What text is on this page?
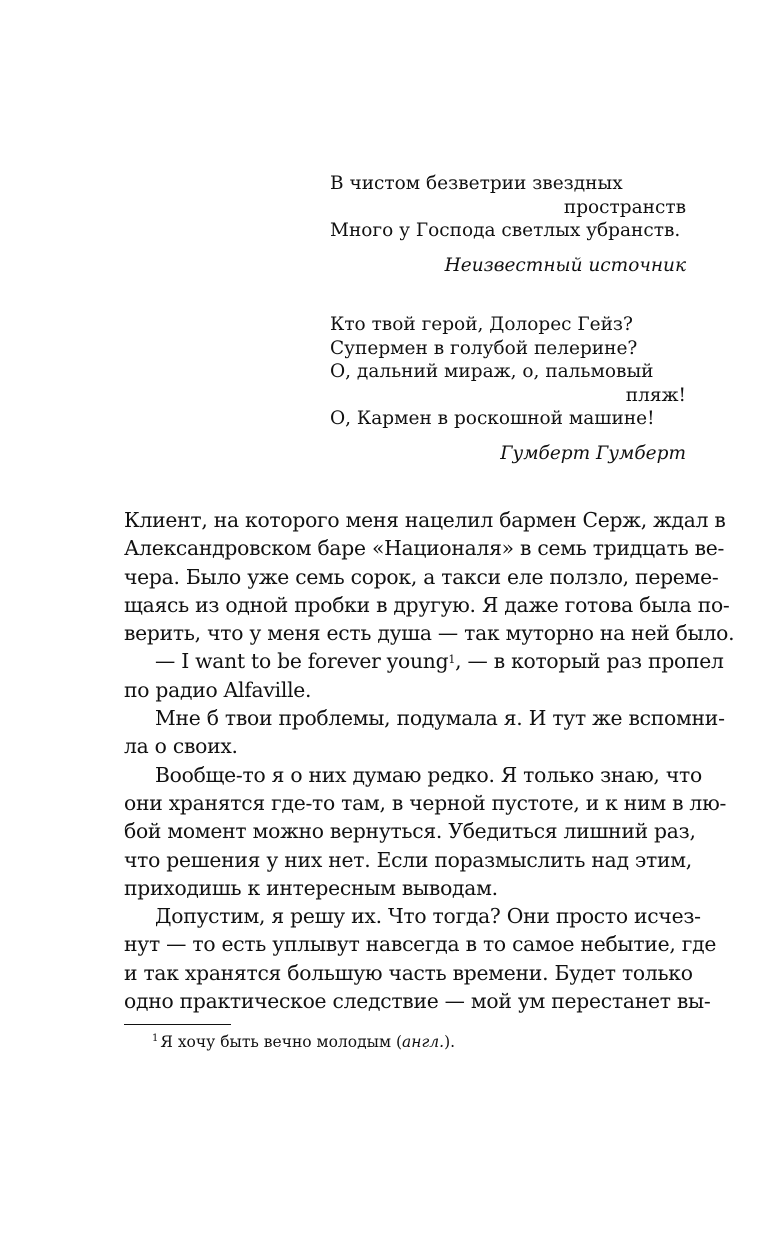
В чистом безветрии звездных
пространств
Много у Господа светлых убранств.
Неизвестный источник
Кто твой герой, Долорес Гейз?
Супермен в голубой пелерине?
О, дальний мираж, о, пальмовый
пляж!
О, Кармен в роскошной машине!
Гумберт Гумберт
Клиент, на которого меня нацелил бармен Серж, ждал в
Александровском баре «Националя» в семь тридцать ве-
чера. Было уже семь сорок, а такси еле ползло, переме-
щаясь из одной пробки в другую. Я даже готова была по-
верить, что у меня есть душа — так муторно на ней было.
— I want to be forever young$^1$, — в который раз пропел
по радио Alfaville.
Мне б твои проблемы, подумала я. И тут же вспомни-
ла о своих.
Вообще-то я о них думаю редко. Я только знаю, что
они хранятся где-то там, в черной пустоте, и к ним в лю-
бой момент можно вернуться. Убедиться лишний раз,
что решения у них нет. Если поразмыслить над этим,
приходишь к интересным выводам.
Допустим, я решу их. Что тогда? Они просто исчез-
нут — то есть уплывут навсегда в то самое небытие, где
и так хранятся большую часть времени. Будет только
одно практическое следствие — мой ум перестанет вы-
$^1$ Я хочу быть вечно молодым (англ.).
